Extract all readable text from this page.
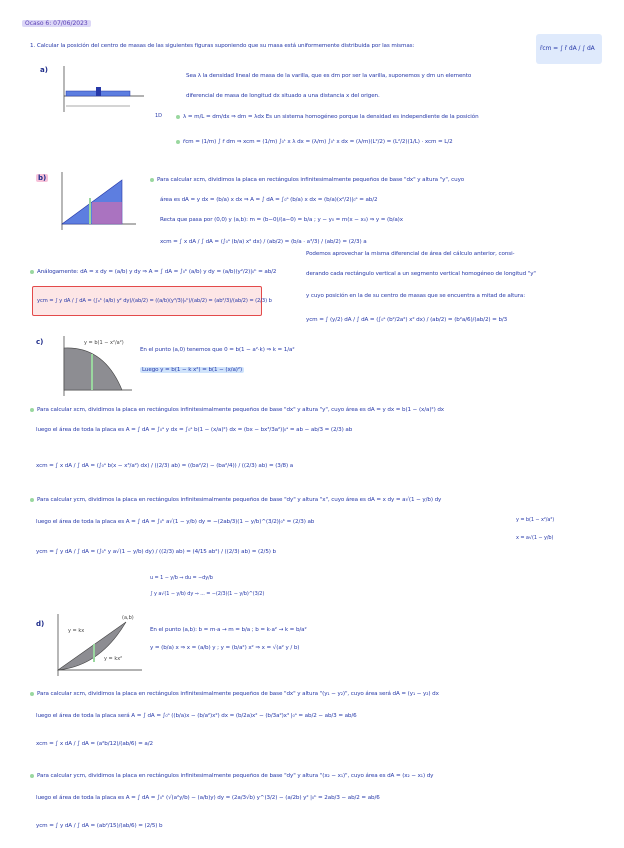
Ocaso 6: 07/06/2023
1. Calcular la posición del centro de masas de las siguientes figuras suponiendo que su masa está uniformemente distribuida por las mismas:	r̄cm = ∫ r̄ dA / ∫ dA
a)
1D
Sea λ la densidad lineal de masa de la varilla, que es dm por ser la varilla, suponemos y dm un elemento
diferencial de masa de longitud dx situado a una distancia x del origen.
λ = m/L = dm/dx ⇒ dm = λdx Es un sistema homogéneo porque la densidad es independiente de la posición
r̄cm = (1/m) ∫ r̄ dm ⇒ xcm = (1/m) ∫₀ᴸ x λ dx = (λ/m) ∫₀ᴸ x dx = (λ/m)(L²/2) = (L²/2)(1/L) · xcm = L/2
b)	Para calcular xcm, dividimos la placa en rectángulos infinitesimalmente pequeños de base "dx" y altura "y", cuyo
área es dA = y dx = (b/a) x dx ⇒ A = ∫ dA = ∫₀ᵃ (b/a) x dx = (b/a)(x²/2)|₀ᵃ = ab/2
Recta que pasa por (0,0) y (a,b): m = (b−0)/(a−0) = b/a ; y − y₀ = m(x − x₀) ⇒ y = (b/a)x
xcm = ∫ x dA / ∫ dA = (∫₀ᵃ (b/a) x² dx) / (ab/2) = (b/a · a³/3) / (ab/2) = (2/3) a
Podemos aprovechar la misma diferencial de área del cálculo anterior, consi-
derando cada rectángulo vertical a un segmento vertical homogéneo de longitud "y"
y cuyo posición en la de su centro de masas que se encuentra a mitad de altura:
ycm = ∫ (y/2) dA / ∫ dA = (∫₀ᵃ (b²/2a²) x² dx) / (ab/2) = (b²a/6)/(ab/2) = b/3
Análogamente: dA = x dy = (a/b) y dy ⇒ A = ∫ dA = ∫₀ᵇ (a/b) y dy = (a/b)(y²/2)|₀ᵇ = ab/2
ycm = ∫ y dA / ∫ dA = (∫₀ᵇ (a/b) y² dy)/(ab/2) = ((a/b)(y³/3)|₀ᵇ)/(ab/2) = (ab²/3)/(ab/2) = (2/3) b
c)	y = b(1 − x²/a²)
En el punto (a,0) tenemos que 0 = b(1 − a²·k) ⇒ k = 1/a²
Luego y = b(1 − k x²) = b(1 − (x/a)²)
Para calcular xcm, dividimos la placa en rectángulos infinitesimalmente pequeños de base "dx" y altura "y", cuyo área es dA = y dx = b(1 − (x/a)²) dx
luego el área de toda la placa es A = ∫ dA = ∫₀ᵃ y dx = ∫₀ᵃ b(1 − (x/a)²) dx = (bx − bx³/3a²)|₀ᵃ = ab − ab/3 = (2/3) ab
xcm = ∫ x dA / ∫ dA = (∫₀ᵃ b(x − x³/a²) dx) / ((2/3) ab) = ((ba²/2) − (ba²/4)) / ((2/3) ab) = (3/8) a
Para calcular ycm, dividimos la placa en rectángulos infinitesimalmente pequeños de base "dy" y altura "x", cuyo área es dA = x dy = a√(1 − y/b) dy
luego el área de toda la placa es A = ∫ dA = ∫₀ᵇ a√(1 − y/b) dy = −(2ab/3)(1 − y/b)^(3/2)|₀ᵇ = (2/3) ab
ycm = ∫ y dA / ∫ dA = (∫₀ᵇ y a√(1 − y/b) dy) / ((2/3) ab) = (4/15 ab²) / ((2/3) ab) = (2/5) b
y = b(1 − x²/a²)
x = a√(1 − y/b)
u = 1 − y/b ⇒ du = −dy/b
∫ y a√(1 − y/b) dy ⇒ ... = −(2/3)(1 − y/b)^(3/2)
d)
y = kx
y = kx²
(a,b)
En el punto (a,b): b = m·a → m = b/a ; b = k·a² → k = b/a²
y = (b/a) x ⇒ x = (a/b) y ; y = (b/a²) x² ⇒ x = √(a² y / b)
Para calcular xcm, dividimos la placa en rectángulos infinitesimalmente pequeños de base "dx" y altura "(y₁ − y₂)", cuyo área será dA = (y₁ − y₂) dx
luego el área de toda la placa será A = ∫ dA = ∫₀ᵃ ((b/a)x − (b/a²)x²) dx = (b/2a)x² − (b/3a²)x³ |₀ᵃ = ab/2 − ab/3 = ab/6
xcm = ∫ x dA / ∫ dA = (a²b/12)/(ab/6) = a/2
Para calcular ycm, dividimos la placa en rectángulos infinitesimalmente pequeños de base "dy" y altura "(x₂ − x₁)", cuyo área es dA = (x₂ − x₁) dy
luego el área de toda la placa es A = ∫ dA = ∫₀ᵇ (√(a²y/b) − (a/b)y) dy = (2a/3√b) y^(3/2) − (a/2b) y² |₀ᵇ = 2ab/3 − ab/2 = ab/6
ycm = ∫ y dA / ∫ dA = (ab²/15)/(ab/6) = (2/5) b
